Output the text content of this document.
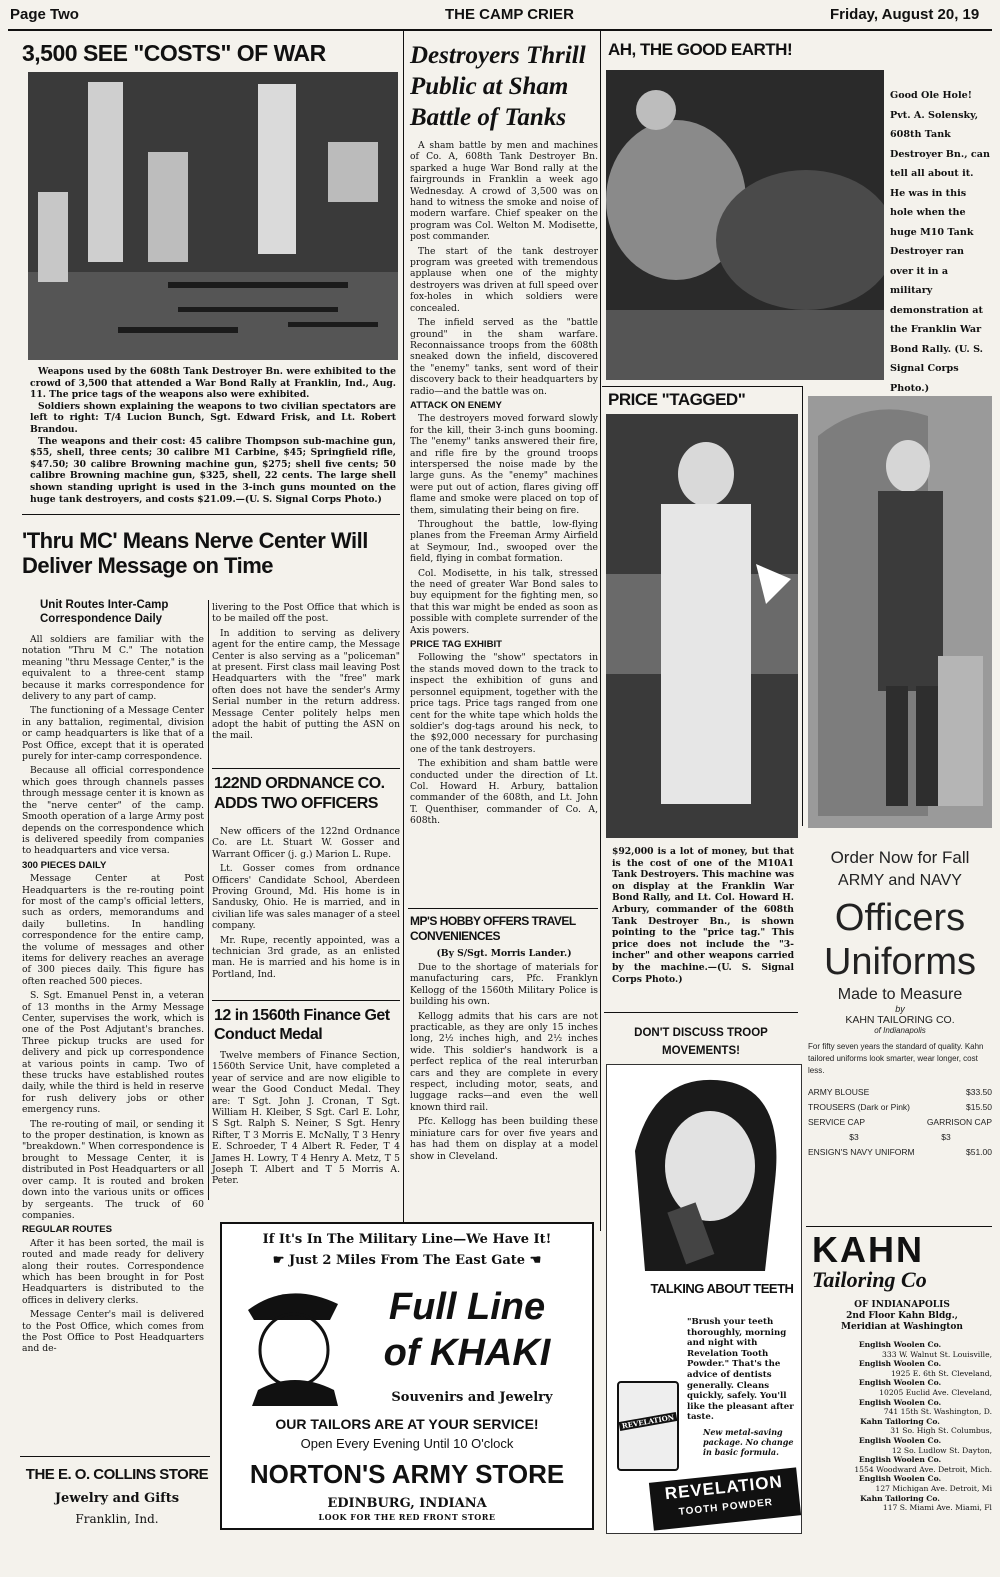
Page Two	THE CAMP CRIER	Friday, August 20, 19
3,500 SEE "COSTS" OF WAR
Weapons used by the 608th Tank Destroyer Bn. were exhibited to the crowd of 3,500 that attended a War Bond Rally at Franklin, Ind., Aug. 11. The price tags of the weapons also were exhibited.
Soldiers shown explaining the weapons to two civilian spectators are left to right: T/4 Lucion Bunch, Sgt. Edward Frisk, and Lt. Robert Brandou.
The weapons and their cost: 45 calibre Thompson sub-machine gun, $55, shell, three cents; 30 calibre M1 Carbine, $45; Springfield rifle, $47.50; 30 calibre Browning machine gun, $275; shell five cents; 50 calibre Browning machine gun, $325, shell, 22 cents. The large shell shown standing upright is used in the 3-inch guns mounted on the huge tank destroyers, and costs $21.09.—(U. S. Signal Corps Photo.)
'Thru MC' Means Nerve Center Will Deliver Message on Time
Unit Routes Inter-Camp Correspondence Daily

All soldiers are familiar with the notation "Thru M C." The notation meaning "thru Message Center," is the equivalent to a three-cent stamp because it marks correspondence for delivery to any part of camp.

The functioning of a Message Center in any battalion, regimental, division or camp headquarters is like that of a Post Office, except that it is operated purely for inter-camp correspondence.

Because all official correspondence which goes through channels passes through message center it is known as the "nerve center" of the camp. Smooth operation of a large Army post depends on the correspondence which is delivered speedily from companies to headquarters and vice versa.

300 PIECES DAILY

Message Center at Post Headquarters is the re-routing point for most of the camp's official letters, such as orders, memorandums and daily bulletins. In handling correspondence for the entire camp, the volume of messages and other items for delivery reaches an average of 300 pieces daily. This figure has often reached 500 pieces.

S. Sgt. Emanuel Penst in, a veteran of 13 months in the Army Message Center, supervises the work, which is one of the Post Adjutant's branches. Three pickup trucks are used for delivery and pick up correspondence at various points in camp. Two of these trucks have established routes daily, while the third is held in reserve for rush delivery jobs or other emergency runs.

The re-routing of mail, or sending it to the proper destination, is known as "breakdown." When correspondence is brought to Message Center, it is distributed in Post Headquarters or all over camp. It is routed and broken down into the various units or offices by sergeants. The truck of 60 companies.

REGULAR ROUTES

After it has been sorted, the mail is routed and made ready for delivery along their routes. Correspondence which has been brought in for Post Headquarters is distributed to the offices in delivery clerks.

Message Center's mail is delivered to the Post Office, which comes from the Post Office to Post Headquarters and de-

livering to the Post Office that which is to be mailed off the post.

In addition to serving as delivery agent for the entire camp, the Message Center is also serving as a "policeman" at present. First class mail leaving Post Headquarters with the "free" mark often does not have the sender's Army Serial number in the return address. Message Center politely helps men adopt the habit of putting the ASN on the mail.

122ND ORDNANCE CO. ADDS TWO OFFICERS

New officers of the 122nd Ordnance Co. are Lt. Stuart W. Gosser and Warrant Officer (j. g.) Marion L. Rupe.

Lt. Gosser comes from ordnance Officers' Candidate School, Aberdeen Proving Ground, Md. His home is in Sandusky, Ohio. He is married, and in civilian life was sales manager of a steel company.

Mr. Rupe, recently appointed, was a technician 3rd grade, as an enlisted man. He is married and his home is in Portland, Ind.

12 in 1560th Finance Get Conduct Medal

Twelve members of Finance Section, 1560th Service Unit, have completed a year of service and are now eligible to wear the Good Conduct Medal. They are: T Sgt. John J. Cronan, T Sgt. William H. Kleiber, S Sgt. Carl E. Lohr, S Sgt. Ralph S. Neiner, S Sgt. Henry Rifter, T 3 Morris E. McNally, T 3 Henry E. Schroeder, T 4 Albert R. Feder, T 4 James H. Lowry, T 4 Henry A. Metz, T 5 Joseph T. Albert and T 5 Morris A. Peter.

Destroyers Thrill Public at Sham Battle of Tanks

A sham battle by men and machines of Co. A, 608th Tank Destroyer Bn. sparked a huge War Bond rally at the fairgrounds in Franklin a week ago Wednesday. A crowd of 3,500 was on hand to witness the smoke and noise of modern warfare. Chief speaker on the program was Col. Welton M. Modisette, post commander.

The start of the tank destroyer program was greeted with tremendous applause when one of the mighty destroyers was driven at full speed over fox-holes in which soldiers were concealed.

The infield served as the "battle ground" in the sham warfare. Reconnaissance troops from the 608th sneaked down the infield, discovered the "enemy" tanks, sent word of their discovery back to their headquarters by radio—and the battle was on.

ATTACK ON ENEMY

The destroyers moved forward slowly for the kill, their 3-inch guns booming. The "enemy" tanks answered their fire, and rifle fire by the ground troops interspersed the noise made by the large guns. As the "enemy" machines were put out of action, flares giving off flame and smoke were placed on top of them, simulating their being on fire.

Throughout the battle, low-flying planes from the Freeman Army Airfield at Seymour, Ind., swooped over the field, flying in combat formation.

Col. Modisette, in his talk, stressed the need of greater War Bond sales to buy equipment for the fighting men, so that this war might be ended as soon as possible with complete surrender of the Axis powers.

PRICE TAG EXHIBIT

Following the "show" spectators in the stands moved down to the track to inspect the exhibition of guns and personnel equipment, together with the price tags. Price tags ranged from one cent for the white tape which holds the soldier's dog-tags around his neck, to the $92,000 necessary for purchasing one of the tank destroyers.

The exhibition and sham battle were conducted under the direction of Lt. Col. Howard H. Arbury, battalion commander of the 608th, and Lt. John T. Quenthiser, commander of Co. A, 608th.

MP'S HOBBY OFFERS TRAVEL CONVENIENCES
(By S/Sgt. Morris Lander.)

Due to the shortage of materials for manufacturing cars, Pfc. Franklyn Kellogg of the 1560th Military Police is building his own.

Kellogg admits that his cars are not practicable, as they are only 15 inches long, 2½ inches high, and 2½ inches wide. This soldier's handwork is a perfect replica of the real interurban cars and they are complete in every respect, including motor, seats, and luggage racks—and even the well known third rail.

Pfc. Kellogg has been building these miniature cars for over five years and has had them on display at a model show in Cleveland.

AH, THE GOOD EARTH!
Good Ole Hole! Pvt. A. Solensky, 608th Tank Destroyer Bn., can tell all about it. He was in this hole when the huge M10 Tank Destroyer ran over it in a military demonstration at the Franklin War Bond Rally. (U. S. Signal Corps Photo.)
PRICE "TAGGED"
$92,000 is a lot of money, but that is the cost of one of the M10A1 Tank Destroyers. This machine was on display at the Franklin War Bond Rally, and Lt. Col. Howard H. Arbury, commander of the 608th Tank Destroyer Bn., is shown pointing to the "price tag." This price does not include the "3-incher" and other weapons carried by the machine.—(U. S. Signal Corps Photo.)
DON'T DISCUSS TROOP MOVEMENTS!
Order Now for Fall
ARMY and NAVY
Officers
Uniforms
Made to Measure
by
KAHN TAILORING CO.
of Indianapolis
For fifty seven years the standard of quality. Kahn tailored uniforms look smarter, wear longer, cost less.
ARMY BLOUSE	$33.50
TROUSERS (Dark or Pink)	$15.50
SERVICE CAP	GARRISON CAP
$3	$3
ENSIGN'S NAVY UNIFORM	$51.00
KAHN
Tailoring Co
OF INDIANAPOLIS
2nd Floor Kahn Bldg.,
Meridian at Washington
English Woolen Co.
333 W. Walnut St. Louisville,
English Woolen Co.
1925 E. 6th St. Cleveland,
English Woolen Co.
10205 Euclid Ave. Cleveland,
English Woolen Co.
741 15th St. Washington, D.
Kahn Tailoring Co.
31 So. High St. Columbus,
English Woolen Co.
12 So. Ludlow St. Dayton,
English Woolen Co.
1554 Woodward Ave. Detroit, Mich.
English Woolen Co.
127 Michigan Ave. Detroit, Mi
Kahn Tailoring Co.
117 S. Miami Ave. Miami, Fl
TALKING ABOUT TEETH
"Brush your teeth thoroughly, morning and night with Revelation Tooth Powder." That's the advice of dentists generally. Cleans quickly, safely. You'll like the pleasant after taste.
New metal-saving package. No change in basic formula.
REVELATION
REVELATION
TOOTH POWDER
If It's In The Military Line—We Have It!
☛ Just 2 Miles From The East Gate ☚
Full Line
of KHAKI
Souvenirs and Jewelry
OUR TAILORS ARE AT YOUR SERVICE!
Open Every Evening Until 10 O'clock
NORTON'S ARMY STORE
EDINBURG, INDIANA
LOOK FOR THE RED FRONT STORE
THE E. O. COLLINS STORE
Jewelry and Gifts
Franklin, Ind.
